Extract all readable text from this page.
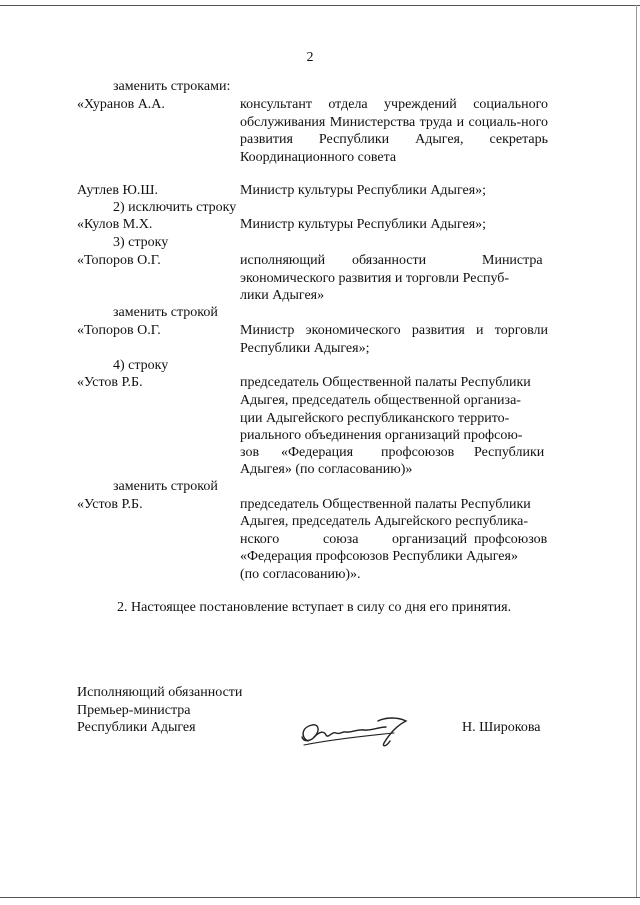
2
заменить строками:
«Хуранов А.А.	консультант отдела учреждений социального обслуживания Министерства труда и социаль-ного развития Республики Адыгея, секретарь Координационного совета
Аутлев Ю.Ш.	Министр культуры Республики Адыгея»;
2) исключить строку
«Кулов М.Х.	Министр культуры Республики Адыгея»;
3) строку
«Топоров О.Г.	исполняющий обязанности	Министра
экономического развития и торговли Респуб-
лики Адыгея»
заменить строкой
«Топоров О.Г.	Министр экономического развития и торговли Республики Адыгея»;
4) строку
«Устов Р.Б.	председатель Общественной палаты Республики
Адыгея, председатель общественной организа-
ции Адыгейского республиканского террито-
риального объединения организаций профсою-
зов «Федерация профсоюзов Республики
Адыгея» (по согласованию)»
заменить строкой
«Устов Р.Б.	председатель Общественной палаты Республики
Адыгея, председатель Адыгейского республика-
нского	союза организаций профсоюзов
«Федерация профсоюзов Республики Адыгея»
(по согласованию)».
2. Настоящее постановление вступает в силу со дня его принятия.
Исполняющий обязанности
Премьер-министра
Республики Адыгея	Н. Широкова
